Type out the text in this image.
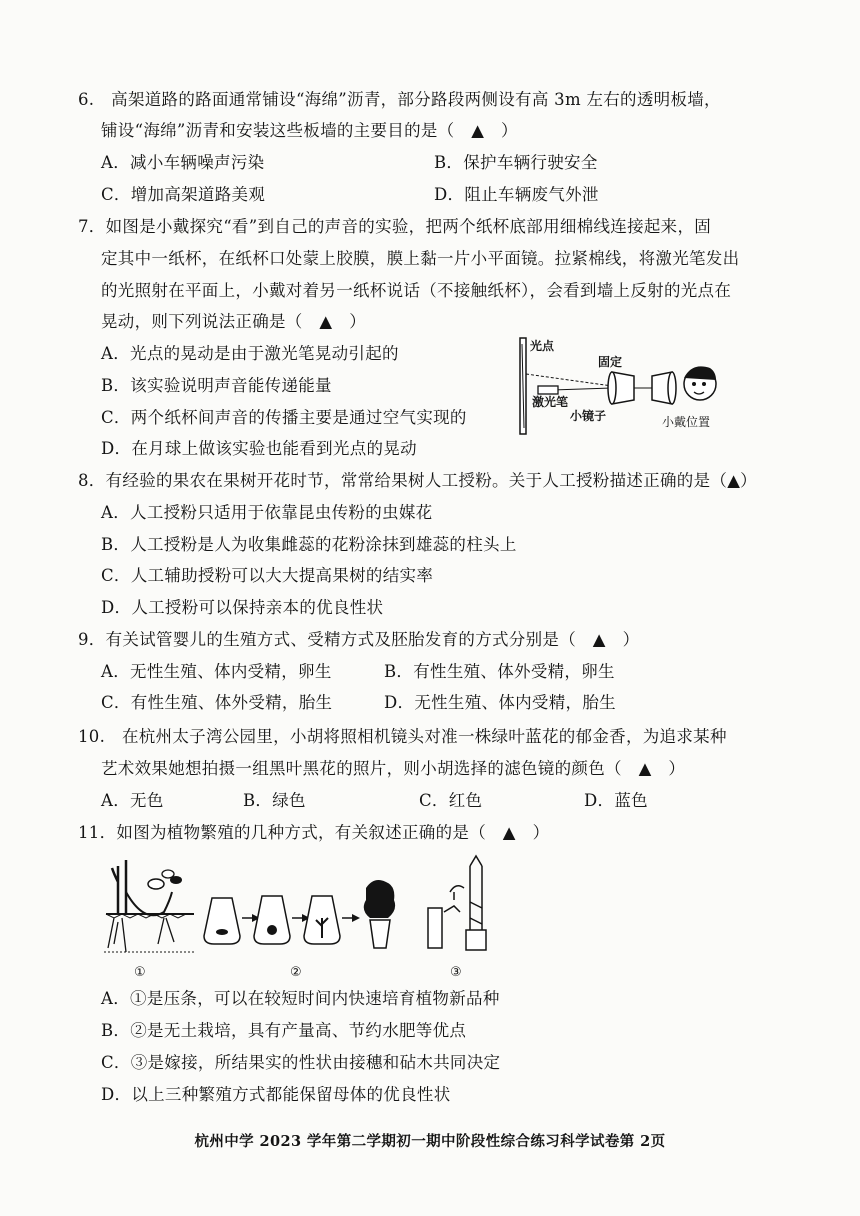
6.　高架道路的路面通常铺设“海绵”沥青，部分路段两侧设有高 3m 左右的透明板墙，
铺设“海绵”沥青和安装这些板墙的主要目的是（　▲　）
A．减小车辆噪声污染	B．保护车辆行驶安全
C．增加高架道路美观	D．阻止车辆废气外泄
7．如图是小戴探究“看”到自己的声音的实验，把两个纸杯底部用细棉线连接起来，固
定其中一纸杯，在纸杯口处蒙上胶膜，膜上黏一片小平面镜。拉紧棉线，将激光笔发出
的光照射在平面上，小戴对着另一纸杯说话（不接触纸杯），会看到墙上反射的光点在
晃动，则下列说法正确是（　▲　）
A．光点的晃动是由于激光笔晃动引起的
B．该实验说明声音能传递能量
C．两个纸杯间声音的传播主要是通过空气实现的
D．在月球上做该实验也能看到光点的晃动
光点
激光笔
固定
小镜子	小戴位置
8．有经验的果农在果树开花时节，常常给果树人工授粉。关于人工授粉描述正确的是（▲）
A．人工授粉只适用于依靠昆虫传粉的虫媒花
B．人工授粉是人为收集雌蕊的花粉涂抹到雄蕊的柱头上
C．人工辅助授粉可以大大提高果树的结实率
D．人工授粉可以保持亲本的优良性状
9．有关试管婴儿的生殖方式、受精方式及胚胎发育的方式分别是（　▲　）
A．无性生殖、体内受精，卵生	B．有性生殖、体外受精，卵生
C．有性生殖、体外受精，胎生	D．无性生殖、体内受精，胎生
10.　在杭州太子湾公园里，小胡将照相机镜头对准一株绿叶蓝花的郁金香，为追求某种
艺术效果她想拍摄一组黑叶黑花的照片，则小胡选择的滤色镜的颜色（　▲　）
A．无色	B．绿色	C．红色	D．蓝色
11．如图为植物繁殖的几种方式，有关叙述正确的是（　▲　）
①	②	③
A．①是压条，可以在较短时间内快速培育植物新品种
B．②是无土栽培，具有产量高、节约水肥等优点
C．③是嫁接，所结果实的性状由接穗和砧木共同决定
D．以上三种繁殖方式都能保留母体的优良性状
杭州中学 2023 学年第二学期初一期中阶段性综合练习科学试卷第 2页
